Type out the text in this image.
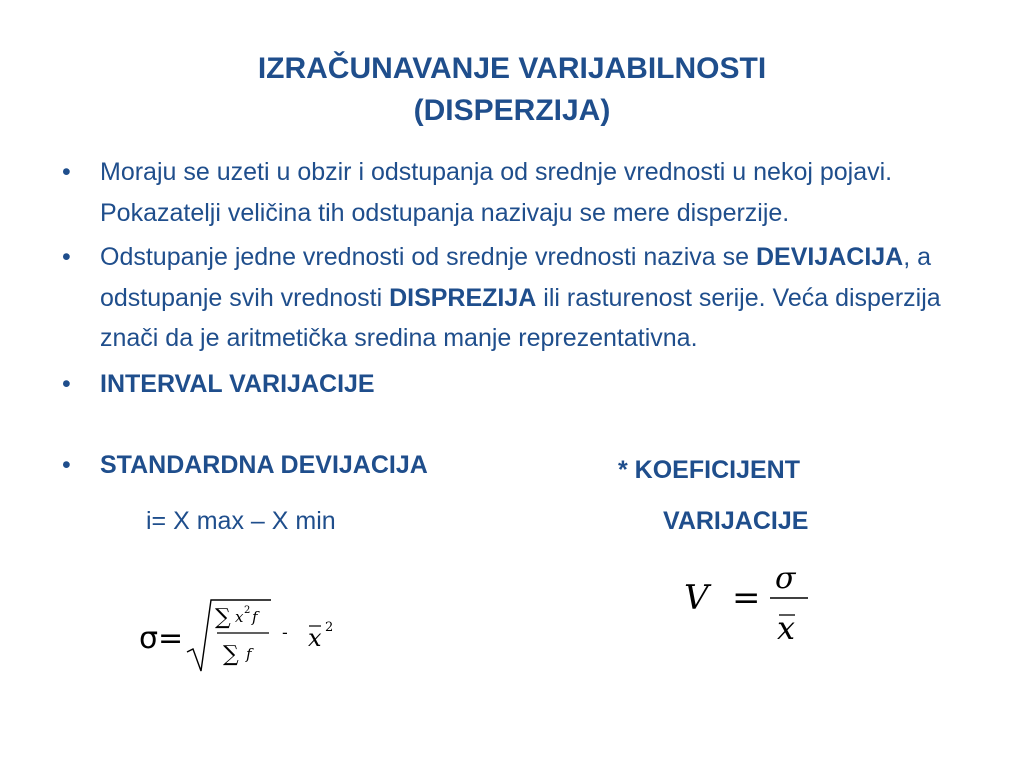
IZRAČUNAVANJE VARIJABILNOSTI
(DISPERZIJA)
• Moraju se uzeti u obzir i odstupanja od srednje vrednosti u nekoj pojavi. Pokazatelji veličina tih odstupanja nazivaju se mere disperzije.
• Odstupanje jedne vrednosti od srednje vrednosti naziva se DEVIJACIJA, a odstupanje svih vrednosti DISPREZIJA ili rasturenost serije. Veća disperzija znači da je aritmetička sredina manje reprezentativna.
• INTERVAL VARIJACIJE
• STANDARDNA DEVIJACIJA	* KOEFICIJENT
VARIJACIJE
i= X max – X min
σ=
∑ x 2 f
∑ f
- x 2
V = σ
x
